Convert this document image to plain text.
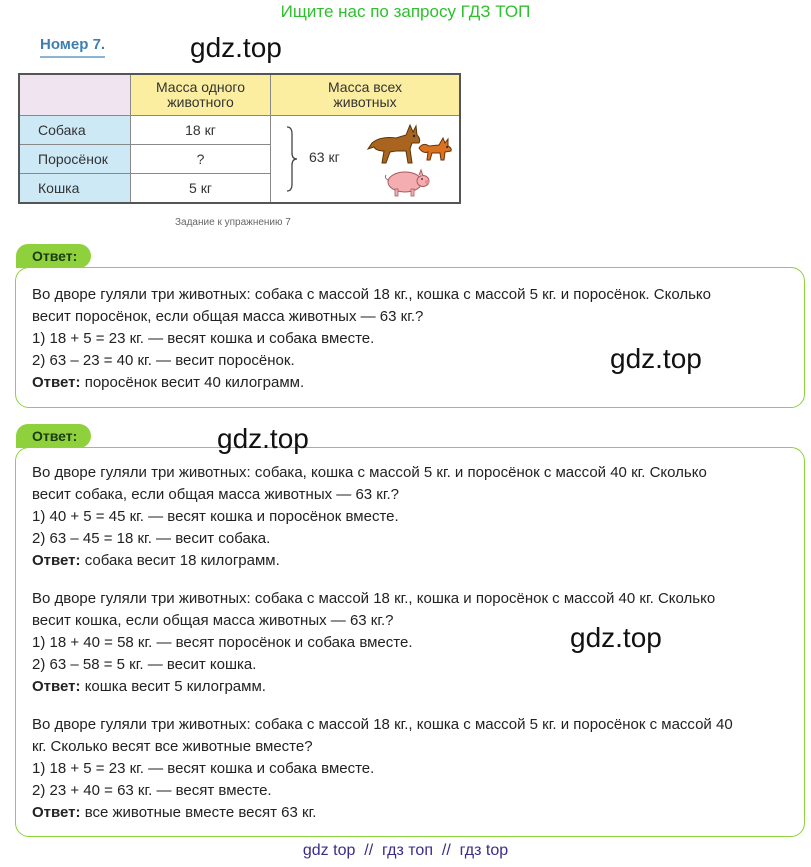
Ищите нас по запросу ГДЗ ТОП
Номер 7.	gdz.top
Масса одного
животного
Масса всех
животных
Собака	18 кг
Поросёнок	?
Кошка	5 кг
63 кг
Задание к упражнению 7
Ответ:
Во дворе гуляли три животных: собака с массой 18 кг., кошка с массой 5 кг. и поросёнок. Сколько
весит поросёнок, если общая масса животных — 63 кг.?
1) 18 + 5 = 23 кг. — весят кошка и собака вместе.
2) 63 – 23 = 40 кг. — весит поросёнок.
Ответ: поросёнок весит 40 килограмм.
gdz.top
Ответ:	gdz.top
Во дворе гуляли три животных: собака, кошка с массой 5 кг. и поросёнок с массой 40 кг. Сколько
весит собака, если общая масса животных — 63 кг.?
1) 40 + 5 = 45 кг. — весят кошка и поросёнок вместе.
2) 63 – 45 = 18 кг. — весит собака.
Ответ: собака весит 18 килограмм.
Во дворе гуляли три животных: собака с массой 18 кг., кошка и поросёнок с массой 40 кг. Сколько
весит кошка, если общая масса животных — 63 кг.?
1) 18 + 40 = 58 кг. — весят поросёнок и собака вместе.
2) 63 – 58 = 5 кг. — весит кошка.
Ответ: кошка весит 5 килограмм.
gdz.top
Во дворе гуляли три животных: собака с массой 18 кг., кошка с массой 5 кг. и поросёнок с массой 40
кг. Сколько весят все животные вместе?
1) 18 + 5 = 23 кг. — весят кошка и собака вместе.
2) 23 + 40 = 63 кг. — весят вместе.
Ответ: все животные вместе весят 63 кг.
gdz top  //  гдз топ  //  гдз top
